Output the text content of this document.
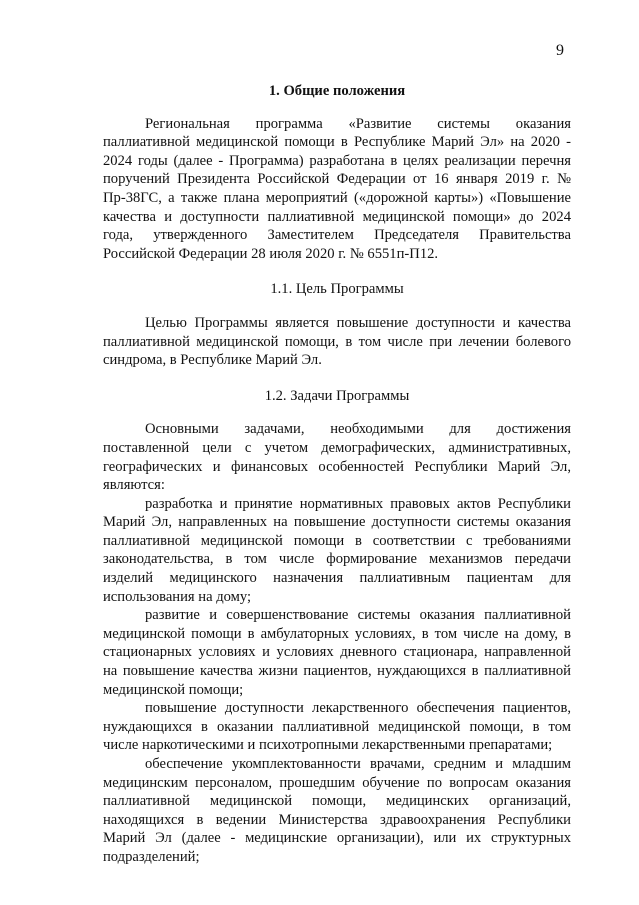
9
1. Общие положения

Региональная программа «Развитие системы оказания паллиативной медицинской помощи в Республике Марий Эл» на 2020 - 2024 годы (далее - Программа) разработана в целях реализации перечня поручений Президента Российской Федерации от 16 января 2019 г. № Пр-38ГС, а также плана мероприятий («дорожной карты») «Повышение качества и доступности паллиативной медицинской помощи» до 2024 года, утвержденного Заместителем Председателя Правительства Российской Федерации 28 июля 2020 г. № 6551п-П12.

1.1. Цель Программы

Целью Программы является повышение доступности и качества паллиативной медицинской помощи, в том числе при лечении болевого синдрома, в Республике Марий Эл.

1.2. Задачи Программы

Основными задачами, необходимыми для достижения поставленной цели с учетом демографических, административных, географических и финансовых особенностей Республики Марий Эл, являются:

разработка и принятие нормативных правовых актов Республики Марий Эл, направленных на повышение доступности системы оказания паллиативной медицинской помощи в соответствии с требованиями законодательства, в том числе формирование механизмов передачи изделий медицинского назначения паллиативным пациентам для использования на дому;

развитие и совершенствование системы оказания паллиативной медицинской помощи в амбулаторных условиях, в том числе на дому, в стационарных условиях и условиях дневного стационара, направленной на повышение качества жизни пациентов, нуждающихся в паллиативной медицинской помощи;

повышение доступности лекарственного обеспечения пациентов, нуждающихся в оказании паллиативной медицинской помощи, в том числе наркотическими и психотропными лекарственными препаратами;

обеспечение укомплектованности врачами, средним и младшим медицинским персоналом, прошедшим обучение по вопросам оказания паллиативной медицинской помощи, медицинских организаций, находящихся в ведении Министерства здравоохранения Республики Марий Эл (далее - медицинские организации), или их структурных подразделений;
